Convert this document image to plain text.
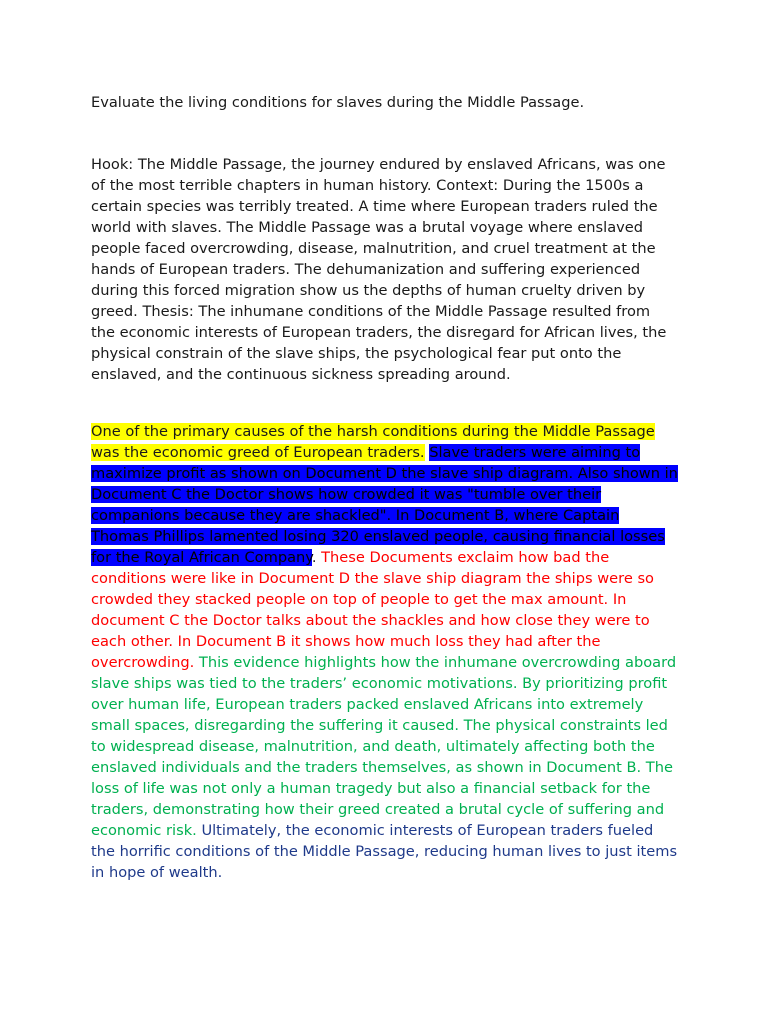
Evaluate the living conditions for slaves during the Middle Passage.

Hook: The Middle Passage, the journey endured by enslaved Africans, was one of the most terrible chapters in human history. Context: During the 1500s a certain species was terribly treated. A time where European traders ruled the world with slaves. The Middle Passage was a brutal voyage where enslaved people faced overcrowding, disease, malnutrition, and cruel treatment at the hands of European traders. The dehumanization and suffering experienced during this forced migration show us the depths of human cruelty driven by greed. Thesis: The inhumane conditions of the Middle Passage resulted from the economic interests of European traders, the disregard for African lives, the physical constrain of the slave ships, the psychological fear put onto the enslaved, and the continuous sickness spreading around.

One of the primary causes of the harsh conditions during the Middle Passage was the economic greed of European traders. Slave traders were aiming to maximize profit as shown on Document D the slave ship diagram. Also shown in Document C the Doctor shows how crowded it was "tumble over their companions because they are shackled". In Document B, where Captain Thomas Phillips lamented losing 320 enslaved people, causing financial losses for the Royal African Company. These Documents exclaim how bad the conditions were like in Document D the slave ship diagram the ships were so crowded they stacked people on top of people to get the max amount. In document C the Doctor talks about the shackles and how close they were to each other. In Document B it shows how much loss they had after the overcrowding. This evidence highlights how the inhumane overcrowding aboard slave ships was tied to the traders’ economic motivations. By prioritizing profit over human life, European traders packed enslaved Africans into extremely small spaces, disregarding the suffering it caused. The physical constraints led to widespread disease, malnutrition, and death, ultimately affecting both the enslaved individuals and the traders themselves, as shown in Document B. The loss of life was not only a human tragedy but also a financial setback for the traders, demonstrating how their greed created a brutal cycle of suffering and economic risk. Ultimately, the economic interests of European traders fueled the horrific conditions of the Middle Passage, reducing human lives to just items in hope of wealth.
